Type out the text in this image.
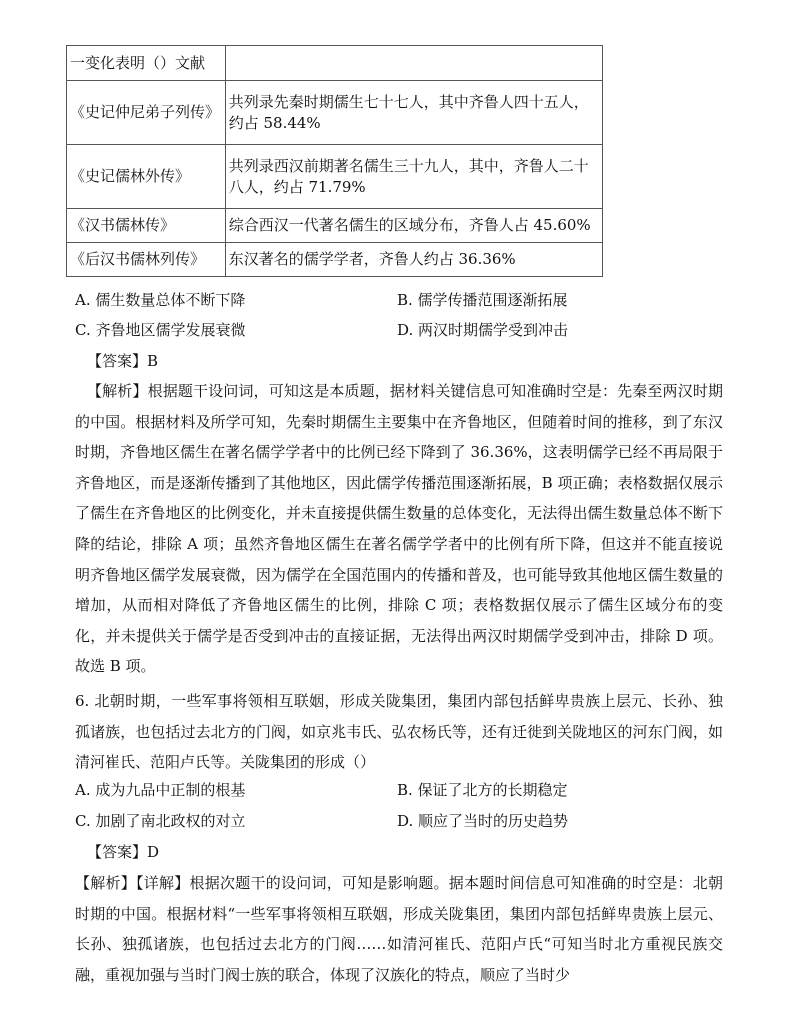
一变化表明（）文献	
《史记仲尼弟子列传》	共列录先秦时期儒生七十七人，其中齐鲁人四十五人，约占 58.44%
《史记儒林外传》	共列录西汉前期著名儒生三十九人，其中，齐鲁人二十八人，约占 71.79%
《汉书儒林传》	综合西汉一代著名儒生的区域分布，齐鲁人占 45.60%
《后汉书儒林列传》	东汉著名的儒学学者，齐鲁人约占 36.36%
A. 儒生数量总体不断下降	B. 儒学传播范围逐渐拓展
C. 齐鲁地区儒学发展衰微	D. 两汉时期儒学受到冲击
【答案】B
【解析】根据题干设问词，可知这是本质题，据材料关键信息可知准确时空是：先秦至两汉时期的中国。根据材料及所学可知，先秦时期儒生主要集中在齐鲁地区，但随着时间的推移，到了东汉时期，齐鲁地区儒生在著名儒学学者中的比例已经下降到了 36.36%，这表明儒学已经不再局限于齐鲁地区，而是逐渐传播到了其他地区，因此儒学传播范围逐渐拓展，B 项正确；表格数据仅展示了儒生在齐鲁地区的比例变化，并未直接提供儒生数量的总体变化，无法得出儒生数量总体不断下降的结论，排除 A 项；虽然齐鲁地区儒生在著名儒学学者中的比例有所下降，但这并不能直接说明齐鲁地区儒学发展衰微，因为儒学在全国范围内的传播和普及，也可能导致其他地区儒生数量的增加，从而相对降低了齐鲁地区儒生的比例，排除 C 项；表格数据仅展示了儒生区域分布的变化，并未提供关于儒学是否受到冲击的直接证据，无法得出两汉时期儒学受到冲击，排除 D 项。故选 B 项。
6. 北朝时期，一些军事将领相互联姻，形成关陇集团，集团内部包括鲜卑贵族上层元、长孙、独孤诸族，也包括过去北方的门阀，如京兆韦氏、弘农杨氏等，还有迁徙到关陇地区的河东门阀，如清河崔氏、范阳卢氏等。关陇集团的形成（）
A. 成为九品中正制的根基	B. 保证了北方的长期稳定
C. 加剧了南北政权的对立	D. 顺应了当时的历史趋势
【答案】D
【解析】【详解】根据次题干的设问词，可知是影响题。据本题时间信息可知准确的时空是：北朝时期的中国。根据材料“一些军事将领相互联姻，形成关陇集团，集团内部包括鲜卑贵族上层元、长孙、独孤诸族，也包括过去北方的门阀……如清河崔氏、范阳卢氏“可知当时北方重视民族交融，重视加强与当时门阀士族的联合，体现了汉族化的特点，顺应了当时少
